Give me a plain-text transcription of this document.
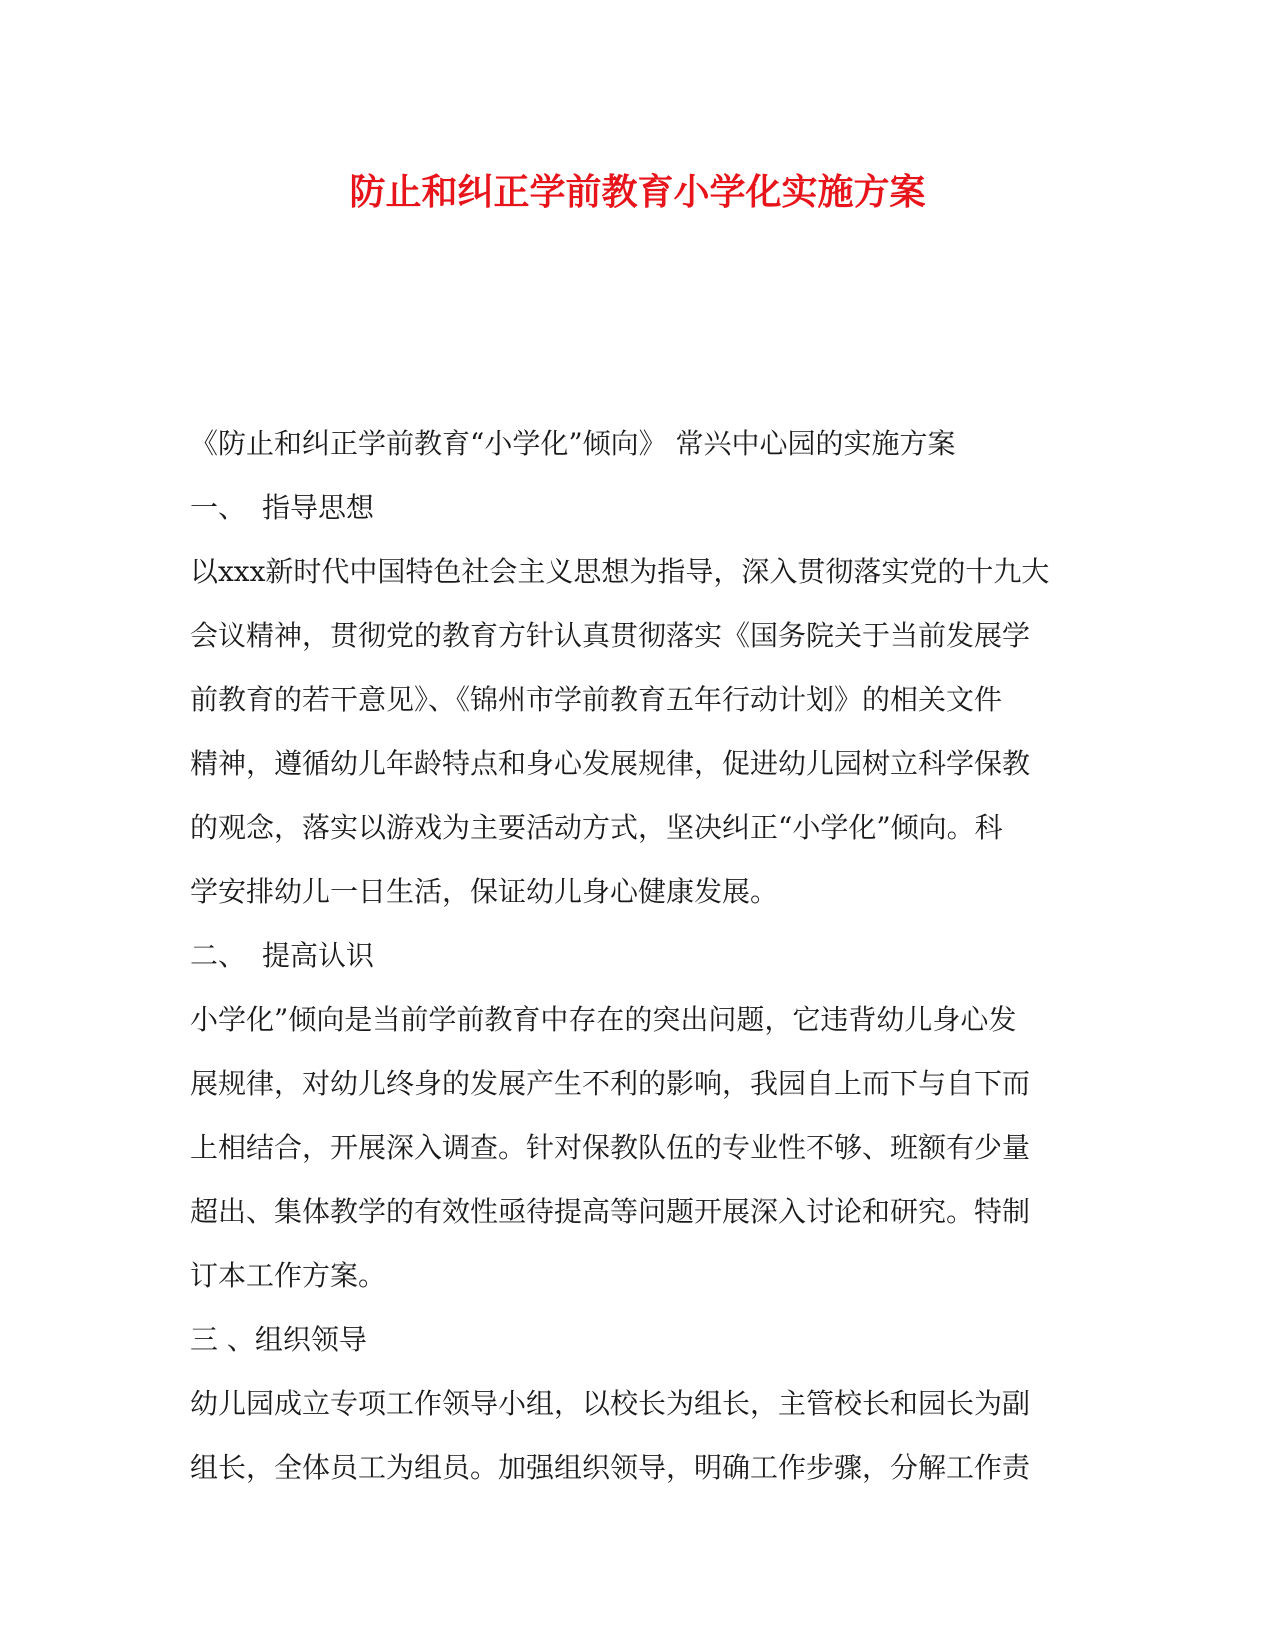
防止和纠正学前教育小学化实施方案
《防止和纠正学前教育“小学化”倾向》 常兴中心园的实施方案
一、 指导思想
以xxx新时代中国特色社会主义思想为指导，深入贯彻落实党的十九大
会议精神，贯彻党的教育方针认真贯彻落实《国务院关于当前发展学
前教育的若干意见》、《锦州市学前教育五年行动计划》的相关文件
精神，遵循幼儿年龄特点和身心发展规律，促进幼儿园树立科学保教
的观念，落实以游戏为主要活动方式，坚决纠正“小学化”倾向。科
学安排幼儿一日生活，保证幼儿身心健康发展。
二、 提高认识
小学化”倾向是当前学前教育中存在的突出问题，它违背幼儿身心发
展规律，对幼儿终身的发展产生不利的影响，我园自上而下与自下而
上相结合，开展深入调查。针对保教队伍的专业性不够、班额有少量
超出、集体教学的有效性亟待提高等问题开展深入讨论和研究。特制
订本工作方案。
三 、组织领导
幼儿园成立专项工作领导小组，以校长为组长，主管校长和园长为副
组长，全体员工为组员。加强组织领导，明确工作步骤，分解工作责
